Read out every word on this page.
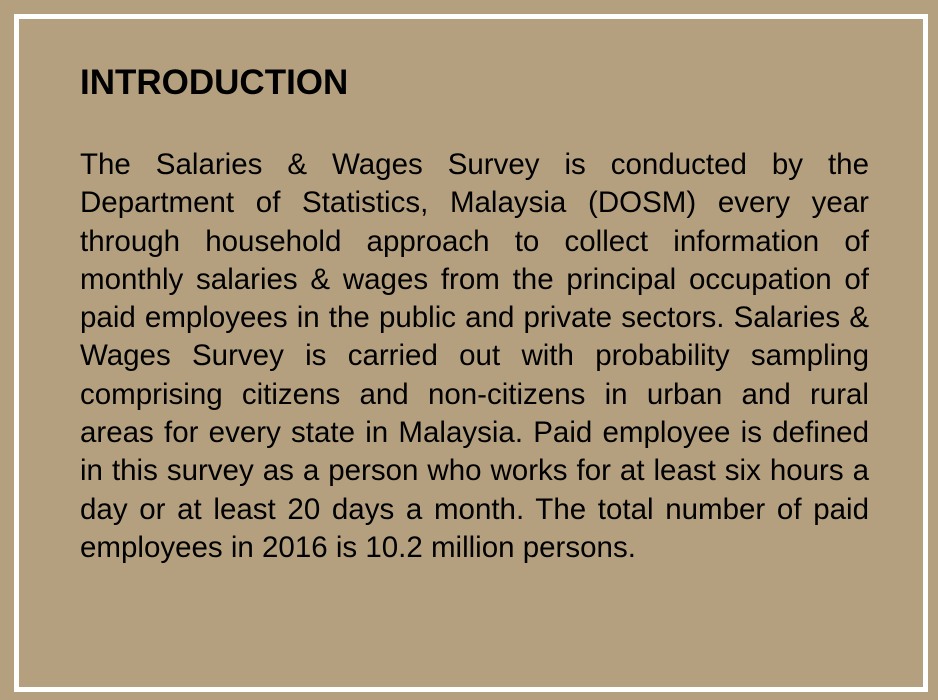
INTRODUCTION

The Salaries & Wages Survey is conducted by the Department of Statistics, Malaysia (DOSM) every year through household approach to collect information of monthly salaries & wages from the principal occupation of paid employees in the public and private sectors. Salaries & Wages Survey is carried out with probability sampling comprising citizens and non-citizens in urban and rural areas for every state in Malaysia. Paid employee is defined in this survey as a person who works for at least six hours a day or at least 20 days a month. The total number of paid employees in 2016 is 10.2 million persons.
